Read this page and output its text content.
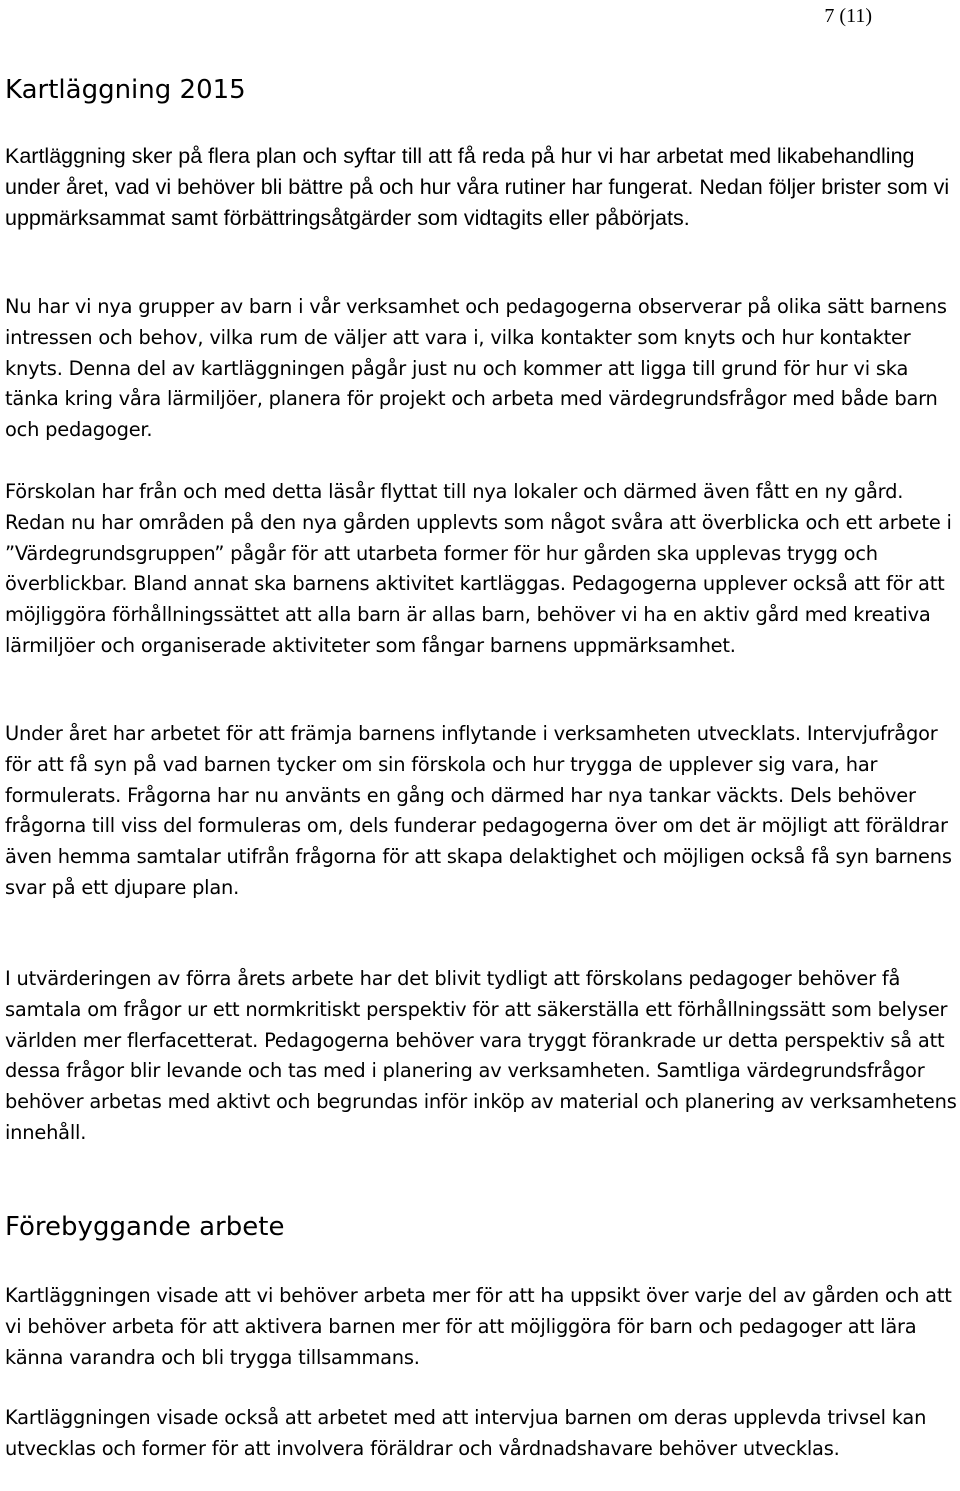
7 (11)

Kartläggning 2015

Kartläggning sker på flera plan och syftar till att få reda på hur vi har arbetat med likabehandling under året, vad vi behöver bli bättre på och hur våra rutiner har fungerat. Nedan följer brister som vi uppmärksammat samt förbättringsåtgärder som vidtagits eller påbörjats.

Nu har vi nya grupper av barn i vår verksamhet och pedagogerna observerar på olika sätt barnens intressen och behov, vilka rum de väljer att vara i, vilka kontakter som knyts och hur kontakter knyts. Denna del av kartläggningen pågår just nu och kommer att ligga till grund för hur vi ska tänka kring våra lärmiljöer, planera för projekt och arbeta med värdegrundsfrågor med både barn och pedagoger.

Förskolan har från och med detta läsår flyttat till nya lokaler och därmed även fått en ny gård. Redan nu har områden på den nya gården upplevts som något svåra att överblicka och ett arbete i ”Värdegrundsgruppen” pågår för att utarbeta former för hur gården ska upplevas trygg och överblickbar. Bland annat ska barnens aktivitet kartläggas. Pedagogerna upplever också att för att möjliggöra förhållningssättet att alla barn är allas barn, behöver vi ha en aktiv gård med kreativa lärmiljöer och organiserade aktiviteter som fångar barnens uppmärksamhet.

Under året har arbetet för att främja barnens inflytande i verksamheten utvecklats. Intervjufrågor för att få syn på vad barnen tycker om sin förskola och hur trygga de upplever sig vara, har formulerats. Frågorna har nu använts en gång och därmed har nya tankar väckts. Dels behöver frågorna till viss del formuleras om, dels funderar pedagogerna över om det är möjligt att föräldrar även hemma samtalar utifrån frågorna för att skapa delaktighet och möjligen också få syn barnens svar på ett djupare plan.

I utvärderingen av förra årets arbete har det blivit tydligt att förskolans pedagoger behöver få samtala om frågor ur ett normkritiskt perspektiv för att säkerställa ett förhållningssätt som belyser världen mer flerfacetterat. Pedagogerna behöver vara tryggt förankrade ur detta perspektiv så att dessa frågor blir levande och tas med i planering av verksamheten. Samtliga värdegrundsfrågor behöver arbetas med aktivt och begrundas inför inköp av material och planering av verksamhetens innehåll.

Förebyggande arbete

Kartläggningen visade att vi behöver arbeta mer för att ha uppsikt över varje del av gården och att vi behöver arbeta för att aktivera barnen mer för att möjliggöra för barn och pedagoger att lära känna varandra och bli trygga tillsammans.

Kartläggningen visade också att arbetet med att intervjua barnen om deras upplevda trivsel kan utvecklas och former för att involvera föräldrar och vårdnadshavare behöver utvecklas.
